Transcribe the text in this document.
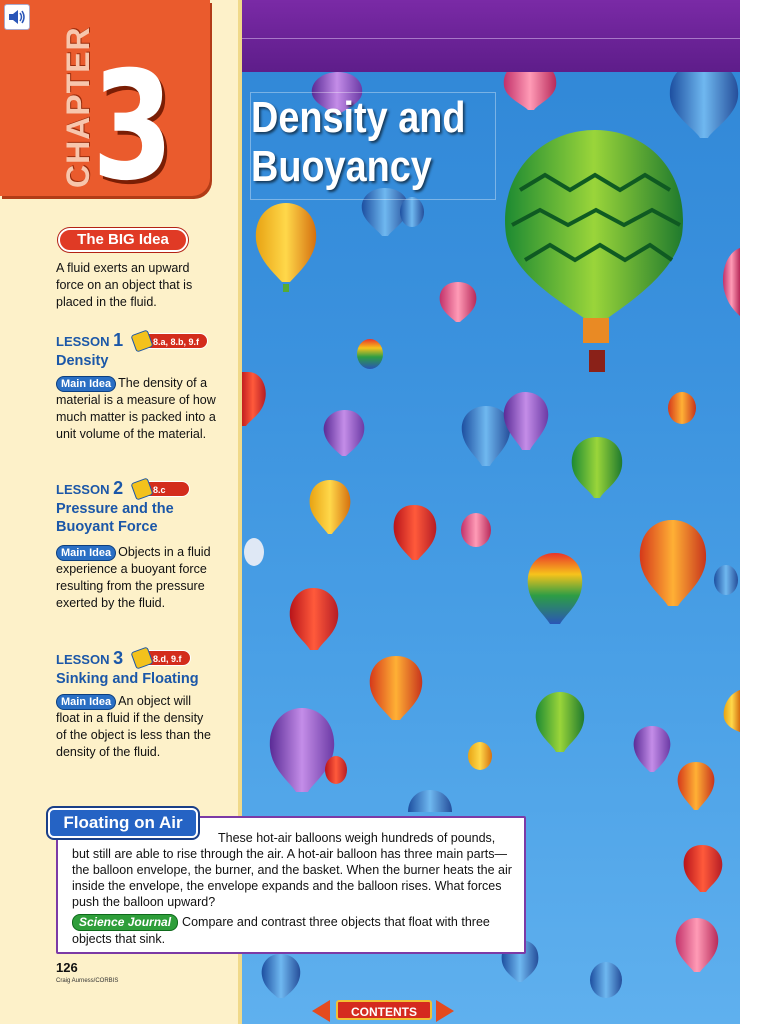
Density and
Buoyancy
CHAPTER
3
The BIG Idea
A fluid exerts an upward force on an object that is placed in the fluid.
LESSON 1	8.a, 8.b, 9.f
Density
Main Idea The density of a material is a measure of how much matter is packed into a unit volume of the material.
LESSON 2	8.c
Pressure and the Buoyant Force
Main Idea Objects in a fluid experience a buoyant force resulting from the pressure exerted by the fluid.
LESSON 3	8.d, 9.f
Sinking and Floating
Main Idea An object will float in a fluid if the density of the object is less than the density of the fluid.
Floating on Air
These hot-air balloons weigh hundreds of pounds,
but still are able to rise through the air. A hot-air balloon has three main parts—the balloon envelope, the burner, and the basket. When the burner heats the air inside the envelope, the envelope expands and the balloon rises. What forces push the balloon upward?
Science Journal Compare and contrast three objects that float with three objects that sink.
126
Craig Aurness/CORBIS
CONTENTS
